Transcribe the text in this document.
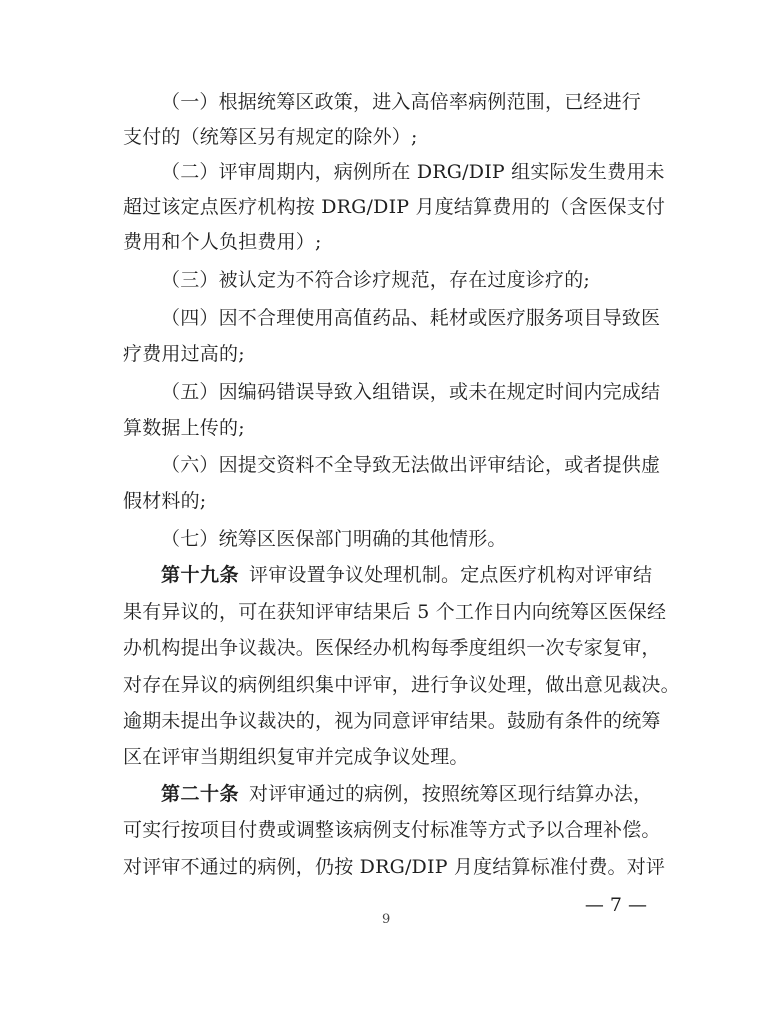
（一）根据统筹区政策，进入高倍率病例范围，已经进行
支付的（统筹区另有规定的除外）;
（二）评审周期内，病例所在 DRG/DIP 组实际发生费用未
超过该定点医疗机构按 DRG/DIP 月度结算费用的（含医保支付
费用和个人负担费用）;
（三）被认定为不符合诊疗规范，存在过度诊疗的;
（四）因不合理使用高值药品、耗材或医疗服务项目导致医
疗费用过高的;
（五）因编码错误导致入组错误，或未在规定时间内完成结
算数据上传的;
（六）因提交资料不全导致无法做出评审结论，或者提供虚
假材料的;
（七）统筹区医保部门明确的其他情形。
第十九条 评审设置争议处理机制。定点医疗机构对评审结
果有异议的，可在获知评审结果后 5 个工作日内向统筹区医保经
办机构提出争议裁决。医保经办机构每季度组织一次专家复审，
对存在异议的病例组织集中评审，进行争议处理，做出意见裁决。
逾期未提出争议裁决的，视为同意评审结果。鼓励有条件的统筹
区在评审当期组织复审并完成争议处理。
第二十条 对评审通过的病例，按照统筹区现行结算办法，
可实行按项目付费或调整该病例支付标准等方式予以合理补偿。
对评审不通过的病例，仍按 DRG/DIP 月度结算标准付费。对评
— 7 —
9
